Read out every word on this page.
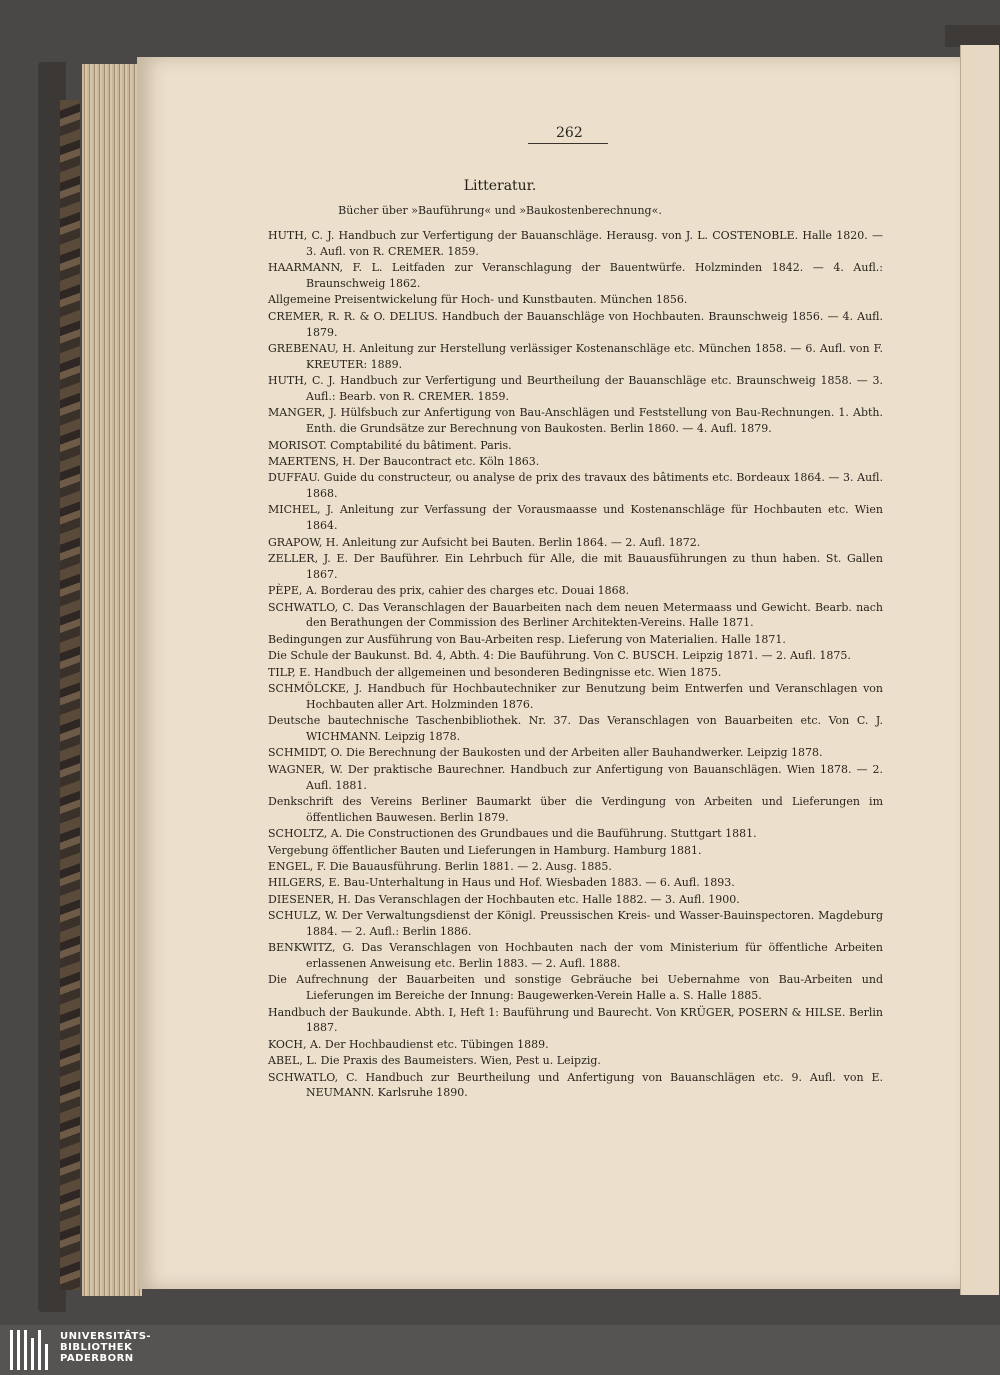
262
Litteratur.
Bücher über »Bauführung« und »Baukostenberechnung«.

HUTH, C. J. Handbuch zur Verfertigung der Bauanschläge. Herausg. von J. L. COSTENOBLE. Halle 1820. — 3. Aufl. von R. CREMER. 1859.

HAARMANN, F. L. Leitfaden zur Veranschlagung der Bauentwürfe. Holzminden 1842. — 4. Aufl.: Braunschweig 1862.

Allgemeine Preisentwickelung für Hoch- und Kunstbauten. München 1856.

CREMER, R. R. & O. DELIUS. Handbuch der Bauanschläge von Hochbauten. Braunschweig 1856. — 4. Aufl. 1879.

GREBENAU, H. Anleitung zur Herstellung verlässiger Kostenanschläge etc. München 1858. — 6. Aufl. von F. KREUTER: 1889.

HUTH, C. J. Handbuch zur Verfertigung und Beurtheilung der Bauanschläge etc. Braunschweig 1858. — 3. Aufl.: Bearb. von R. CREMER. 1859.

MANGER, J. Hülfsbuch zur Anfertigung von Bau-Anschlägen und Feststellung von Bau-Rechnungen. 1. Abth. Enth. die Grundsätze zur Berechnung von Baukosten. Berlin 1860. — 4. Aufl. 1879.

MORISOT. Comptabilité du bâtiment. Paris.

MAERTENS, H. Der Baucontract etc. Köln 1863.

DUFFAU. Guide du constructeur, ou analyse de prix des travaux des bâtiments etc. Bordeaux 1864. — 3. Aufl. 1868.

MICHEL, J. Anleitung zur Verfassung der Vorausmaasse und Kostenanschläge für Hochbauten etc. Wien 1864.

GRAPOW, H. Anleitung zur Aufsicht bei Bauten. Berlin 1864. — 2. Aufl. 1872.

ZELLER, J. E. Der Bauführer. Ein Lehrbuch für Alle, die mit Bauausführungen zu thun haben. St. Gallen 1867.

PÈPE, A. Borderau des prix, cahier des charges etc. Douai 1868.

SCHWATLO, C. Das Veranschlagen der Bauarbeiten nach dem neuen Metermaass und Gewicht. Bearb. nach den Berathungen der Commission des Berliner Architekten-Vereins. Halle 1871.

Bedingungen zur Ausführung von Bau-Arbeiten resp. Lieferung von Materialien. Halle 1871.

Die Schule der Baukunst. Bd. 4, Abth. 4: Die Bauführung. Von C. BUSCH. Leipzig 1871. — 2. Aufl. 1875.

TILP, E. Handbuch der allgemeinen und besonderen Bedingnisse etc. Wien 1875.

SCHMÖLCKE, J. Handbuch für Hochbautechniker zur Benutzung beim Entwerfen und Veranschlagen von Hochbauten aller Art. Holzminden 1876.

Deutsche bautechnische Taschenbibliothek. Nr. 37. Das Veranschlagen von Bauarbeiten etc. Von C. J. WICHMANN. Leipzig 1878.

SCHMIDT, O. Die Berechnung der Baukosten und der Arbeiten aller Bauhandwerker. Leipzig 1878.

WAGNER, W. Der praktische Baurechner. Handbuch zur Anfertigung von Bauanschlägen. Wien 1878. — 2. Aufl. 1881.

Denkschrift des Vereins Berliner Baumarkt über die Verdingung von Arbeiten und Lieferungen im öffentlichen Bauwesen. Berlin 1879.

SCHOLTZ, A. Die Constructionen des Grundbaues und die Bauführung. Stuttgart 1881.

Vergebung öffentlicher Bauten und Lieferungen in Hamburg. Hamburg 1881.

ENGEL, F. Die Bauausführung. Berlin 1881. — 2. Ausg. 1885.

HILGERS, E. Bau-Unterhaltung in Haus und Hof. Wiesbaden 1883. — 6. Aufl. 1893.

DIESENER, H. Das Veranschlagen der Hochbauten etc. Halle 1882. — 3. Aufl. 1900.

SCHULZ, W. Der Verwaltungsdienst der Königl. Preussischen Kreis- und Wasser-Bauinspectoren. Magdeburg 1884. — 2. Aufl.: Berlin 1886.

BENKWITZ, G. Das Veranschlagen von Hochbauten nach der vom Ministerium für öffentliche Arbeiten erlassenen Anweisung etc. Berlin 1883. — 2. Aufl. 1888.

Die Aufrechnung der Bauarbeiten und sonstige Gebräuche bei Uebernahme von Bau-Arbeiten und Lieferungen im Bereiche der Innung: Baugewerken-Verein Halle a. S. Halle 1885.

Handbuch der Baukunde. Abth. I, Heft 1: Bauführung und Baurecht. Von KRÜGER, POSERN & HILSE. Berlin 1887.

KOCH, A. Der Hochbaudienst etc. Tübingen 1889.

ABEL, L. Die Praxis des Baumeisters. Wien, Pest u. Leipzig.

SCHWATLO, C. Handbuch zur Beurtheilung und Anfertigung von Bauanschlägen etc. 9. Aufl. von E. NEUMANN. Karlsruhe 1890.

UNIVERSITÄTS-
BIBLIOTHEK
PADERBORN
